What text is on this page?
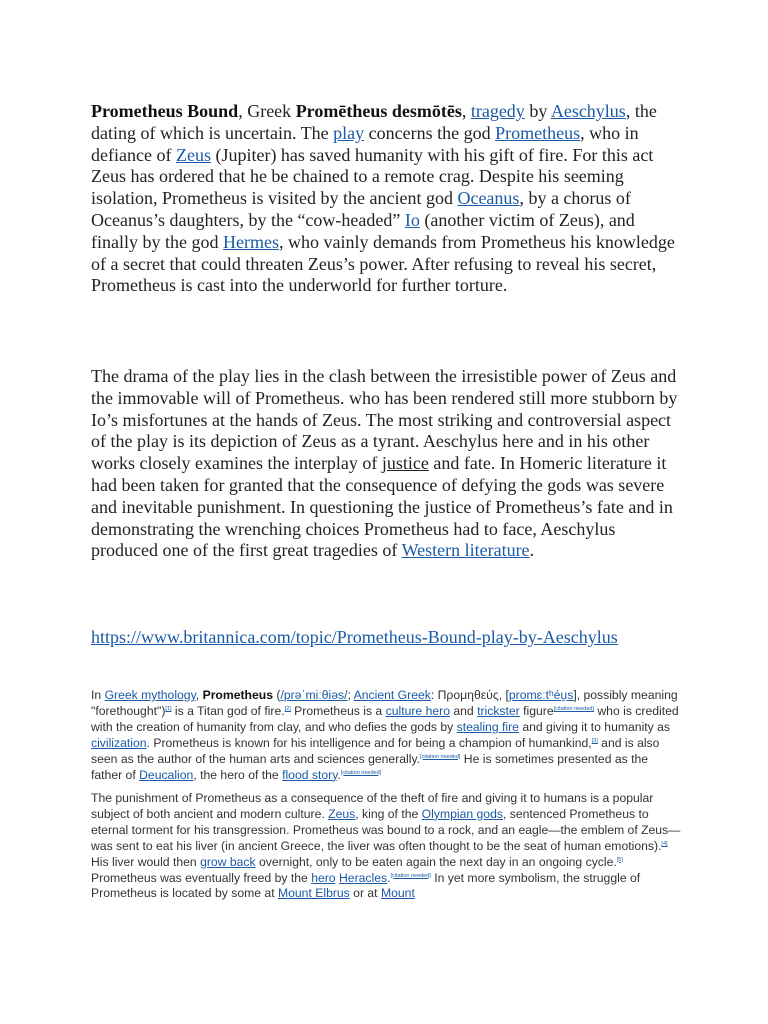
Prometheus Bound, Greek Promētheus desmōtēs, tragedy by Aeschylus, the dating of which is uncertain. The play concerns the god Prometheus, who in defiance of Zeus (Jupiter) has saved humanity with his gift of fire. For this act Zeus has ordered that he be chained to a remote crag. Despite his seeming isolation, Prometheus is visited by the ancient god Oceanus, by a chorus of Oceanus’s daughters, by the “cow-headed” Io (another victim of Zeus), and finally by the god Hermes, who vainly demands from Prometheus his knowledge of a secret that could threaten Zeus’s power. After refusing to reveal his secret, Prometheus is cast into the underworld for further torture.

The drama of the play lies in the clash between the irresistible power of Zeus and the immovable will of Prometheus. who has been rendered still more stubborn by Io’s misfortunes at the hands of Zeus. The most striking and controversial aspect of the play is its depiction of Zeus as a tyrant. Aeschylus here and in his other works closely examines the interplay of justice and fate. In Homeric literature it had been taken for granted that the consequence of defying the gods was severe and inevitable punishment. In questioning the justice of Prometheus’s fate and in demonstrating the wrenching choices Prometheus had to face, Aeschylus produced one of the first great tragedies of Western literature.

https://www.britannica.com/topic/Prometheus-Bound-play-by-Aeschylus

In Greek mythology, Prometheus (/prəˈmiːθiəs/; Ancient Greek: Προμηθεύς, [promɛːtʰéu̯s], possibly meaning "forethought")[1] is a Titan god of fire.[2] Prometheus is a culture hero and trickster figure[citation needed] who is credited with the creation of humanity from clay, and who defies the gods by stealing fire and giving it to humanity as civilization. Prometheus is known for his intelligence and for being a champion of humankind,[3] and is also seen as the author of the human arts and sciences generally.[citation needed] He is sometimes presented as the father of Deucalion, the hero of the flood story.[citation needed]

The punishment of Prometheus as a consequence of the theft of fire and giving it to humans is a popular subject of both ancient and modern culture. Zeus, king of the Olympian gods, sentenced Prometheus to eternal torment for his transgression. Prometheus was bound to a rock, and an eagle—the emblem of Zeus—was sent to eat his liver (in ancient Greece, the liver was often thought to be the seat of human emotions).[4] His liver would then grow back overnight, only to be eaten again the next day in an ongoing cycle.[5] Prometheus was eventually freed by the hero Heracles.[citation needed] In yet more symbolism, the struggle of Prometheus is located by some at Mount Elbrus or at Mount
